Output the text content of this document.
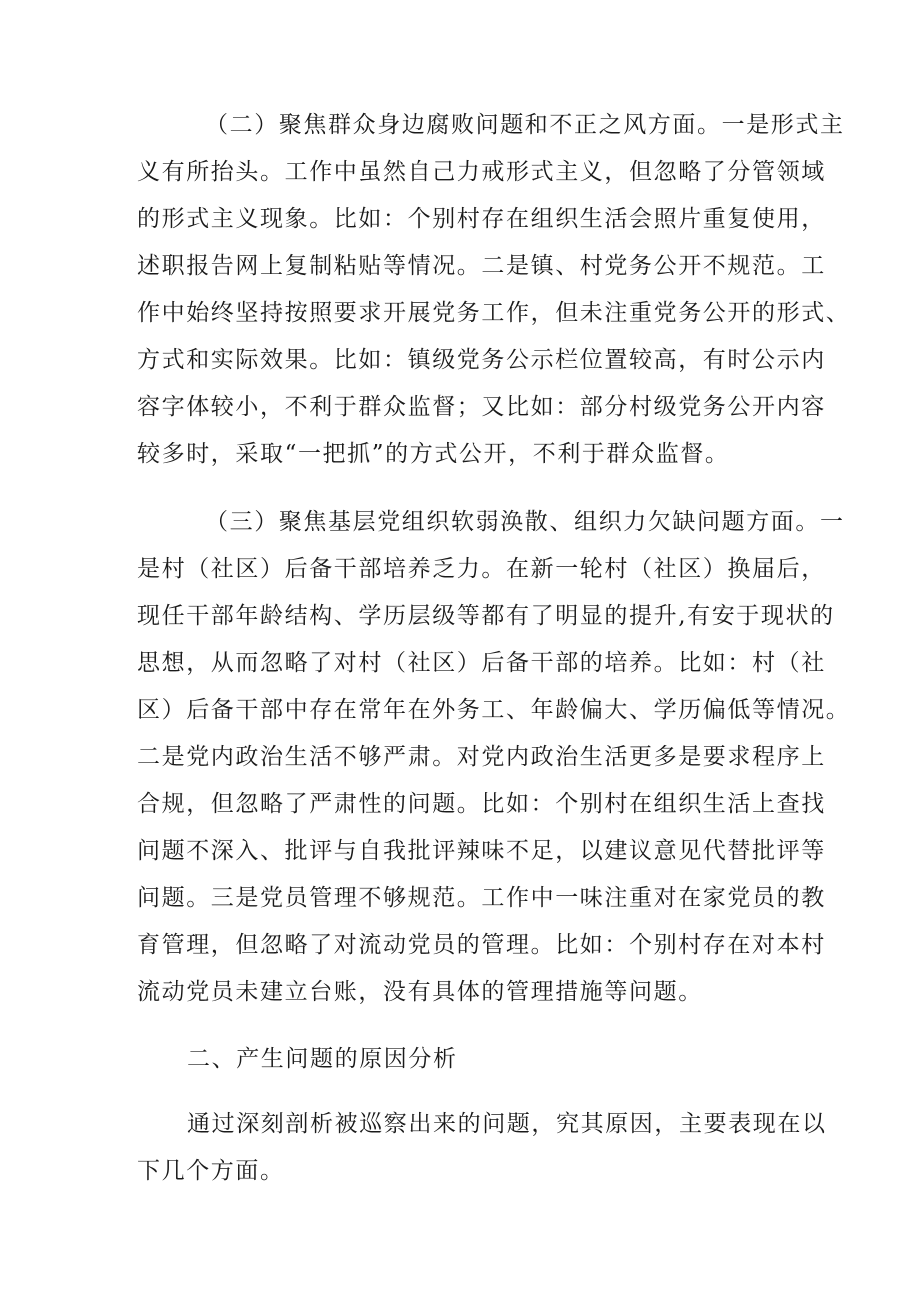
（二）聚焦群众身边腐败问题和不正之风方面。一是形式主
义有所抬头。工作中虽然自己力戒形式主义，但忽略了分管领域
的形式主义现象。比如：个别村存在组织生活会照片重复使用，
述职报告网上复制粘贴等情况。二是镇、村党务公开不规范。工
作中始终坚持按照要求开展党务工作，但未注重党务公开的形式、
方式和实际效果。比如：镇级党务公示栏位置较高，有时公示内
容字体较小，不利于群众监督；又比如：部分村级党务公开内容
较多时，采取“一把抓”的方式公开，不利于群众监督。
（三）聚焦基层党组织软弱涣散、组织力欠缺问题方面。一
是村（社区）后备干部培养乏力。在新一轮村（社区）换届后，
现任干部年龄结构、学历层级等都有了明显的提升,有安于现状的
思想，从而忽略了对村（社区）后备干部的培养。比如：村（社
区）后备干部中存在常年在外务工、年龄偏大、学历偏低等情况。
二是党内政治生活不够严肃。对党内政治生活更多是要求程序上
合规，但忽略了严肃性的问题。比如：个别村在组织生活上查找
问题不深入、批评与自我批评辣味不足，以建议意见代替批评等
问题。三是党员管理不够规范。工作中一味注重对在家党员的教
育管理，但忽略了对流动党员的管理。比如：个别村存在对本村
流动党员未建立台账，没有具体的管理措施等问题。
二、产生问题的原因分析
通过深刻剖析被巡察出来的问题，究其原因，主要表现在以
下几个方面。
